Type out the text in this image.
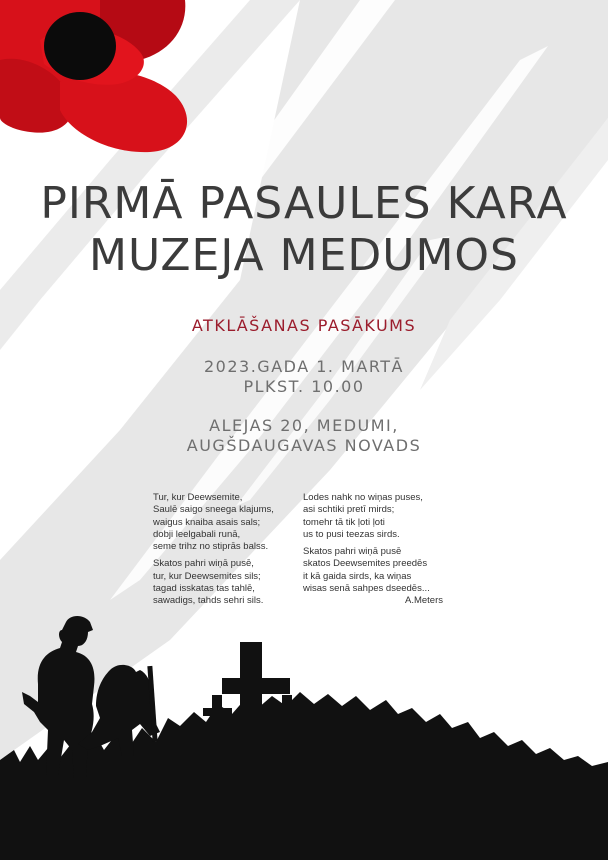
PIRMĀ PASAULES KARA
MUZEJA MEDUMOS
ATKLĀŠANAS PASĀKUMS
2023.GADA 1. MARTĀ
PLKST. 10.00
ALEJAS 20, MEDUMI,
AUGŠDAUGAVAS NOVADS
Tur, kur Deewsemite,
Saulē saigo sneega klajums,
waigus knaiba asais sals;
dobji leelgabali runā,
seme trihz no stiprās balss.
Skatos pahri wiņā pusē,
tur, kur Deewsemites sils;
tagad isskatas tas tahlē,
sawadigs, tahds sehri sils.
Lodes nahk no wiņas puses,
asi schtiki pretī mirds;
tomehr tā tik ļoti ļoti
us to pusi teezas sirds.
Skatos pahri wiņā pusē
skatos Deewsemites preedēs
it kā gaida sirds, ka wiņas
wisas senā sahpes dseedēs...
A.Meters
